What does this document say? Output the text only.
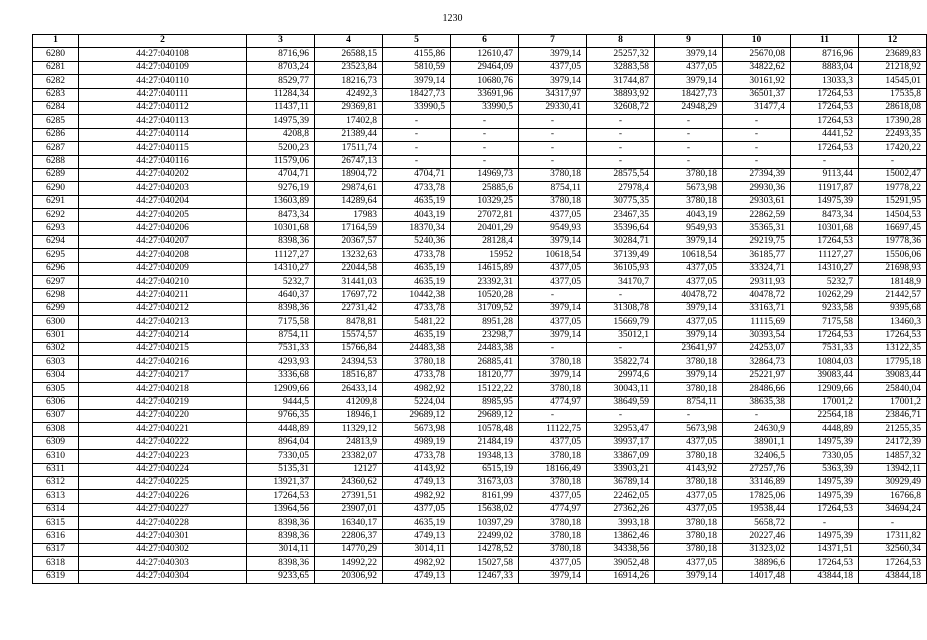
1230
1	2	3	4	5	6	7	8	9	10	11	12
6280	44:27:040108	8716,96	26588,15	4155,86	12610,47	3979,14	25257,32	3979,14	25670,08	8716,96	23689,83
6281	44:27:040109	8703,24	23523,84	5810,59	29464,09	4377,05	32883,58	4377,05	34822,62	8883,04	21218,92
6282	44:27:040110	8529,77	18216,73	3979,14	10680,76	3979,14	31744,87	3979,14	30161,92	13033,3	14545,01
6283	44:27:040111	11284,34	42492,3	18427,73	33691,96	34317,97	38893,92	18427,73	36501,37	17264,53	17535,8
6284	44:27:040112	11437,11	29369,81	33990,5	33990,5	29330,41	32608,72	24948,29	31477,4	17264,53	28618,08
6285	44:27:040113	14975,39	17402,8	-	-	-	-	-	-	17264,53	17390,28
6286	44:27:040114	4208,8	21389,44	-	-	-	-	-	-	4441,52	22493,35
6287	44:27:040115	5200,23	17511,74	-	-	-	-	-	-	17264,53	17420,22
6288	44:27:040116	11579,06	26747,13	-	-	-	-	-	-	-	-
6289	44:27:040202	4704,71	18904,72	4704,71	14969,73	3780,18	28575,54	3780,18	27394,39	9113,44	15002,47
6290	44:27:040203	9276,19	29874,61	4733,78	25885,6	8754,11	27978,4	5673,98	29930,36	11917,87	19778,22
6291	44:27:040204	13603,89	14289,64	4635,19	10329,25	3780,18	30775,35	3780,18	29303,61	14975,39	15291,95
6292	44:27:040205	8473,34	17983	4043,19	27072,81	4377,05	23467,35	4043,19	22862,59	8473,34	14504,53
6293	44:27:040206	10301,68	17164,59	18370,34	20401,29	9549,93	35396,64	9549,93	35365,31	10301,68	16697,45
6294	44:27:040207	8398,36	20367,57	5240,36	28128,4	3979,14	30284,71	3979,14	29219,75	17264,53	19778,36
6295	44:27:040208	11127,27	13232,63	4733,78	15952	10618,54	37139,49	10618,54	36185,77	11127,27	15506,06
6296	44:27:040209	14310,27	22044,58	4635,19	14615,89	4377,05	36105,93	4377,05	33324,71	14310,27	21698,93
6297	44:27:040210	5232,7	31441,03	4635,19	23392,31	4377,05	34170,7	4377,05	29311,93	5232,7	18148,9
6298	44:27:040211	4640,37	17697,72	10442,38	10520,28	-	-	40478,72	40478,72	10262,29	21442,57
6299	44:27:040212	8398,36	22731,42	4733,78	31709,52	3979,14	31308,78	3979,14	33163,71	9233,58	9395,68
6300	44:27:040213	7175,58	8478,81	5481,22	8951,28	4377,05	15669,79	4377,05	11115,69	7175,58	13460,3
6301	44:27:040214	8754,11	15574,57	4635,19	23298,7	3979,14	35012,1	3979,14	30393,54	17264,53	17264,53
6302	44:27:040215	7531,33	15766,84	24483,38	24483,38	-	-	23641,97	24253,07	7531,33	13122,35
6303	44:27:040216	4293,93	24394,53	3780,18	26885,41	3780,18	35822,74	3780,18	32864,73	10804,03	17795,18
6304	44:27:040217	3336,68	18516,87	4733,78	18120,77	3979,14	29974,6	3979,14	25221,97	39083,44	39083,44
6305	44:27:040218	12909,66	26433,14	4982,92	15122,22	3780,18	30043,11	3780,18	28486,66	12909,66	25840,04
6306	44:27:040219	9444,5	41209,8	5224,04	8985,95	4774,97	38649,59	8754,11	38635,38	17001,2	17001,2
6307	44:27:040220	9766,35	18946,1	29689,12	29689,12	-	-	-	-	22564,18	23846,71
6308	44:27:040221	4448,89	11329,12	5673,98	10578,48	11122,75	32953,47	5673,98	24630,9	4448,89	21255,35
6309	44:27:040222	8964,04	24813,9	4989,19	21484,19	4377,05	39937,17	4377,05	38901,1	14975,39	24172,39
6310	44:27:040223	7330,05	23382,07	4733,78	19348,13	3780,18	33867,09	3780,18	32406,5	7330,05	14857,32
6311	44:27:040224	5135,31	12127	4143,92	6515,19	18166,49	33903,21	4143,92	27257,76	5363,39	13942,11
6312	44:27:040225	13921,37	24360,62	4749,13	31673,03	3780,18	36789,14	3780,18	33146,89	14975,39	30929,49
6313	44:27:040226	17264,53	27391,51	4982,92	8161,99	4377,05	22462,05	4377,05	17825,06	14975,39	16766,8
6314	44:27:040227	13964,56	23907,01	4377,05	15638,02	4774,97	27362,26	4377,05	19538,44	17264,53	34694,24
6315	44:27:040228	8398,36	16340,17	4635,19	10397,29	3780,18	3993,18	3780,18	5658,72	-	-
6316	44:27:040301	8398,36	22806,37	4749,13	22499,02	3780,18	13862,46	3780,18	20227,46	14975,39	17311,82
6317	44:27:040302	3014,11	14770,29	3014,11	14278,52	3780,18	34338,56	3780,18	31323,02	14371,51	32560,34
6318	44:27:040303	8398,36	14992,22	4982,92	15027,58	4377,05	39052,48	4377,05	38896,6	17264,53	17264,53
6319	44:27:040304	9233,65	20306,92	4749,13	12467,33	3979,14	16914,26	3979,14	14017,48	43844,18	43844,18
